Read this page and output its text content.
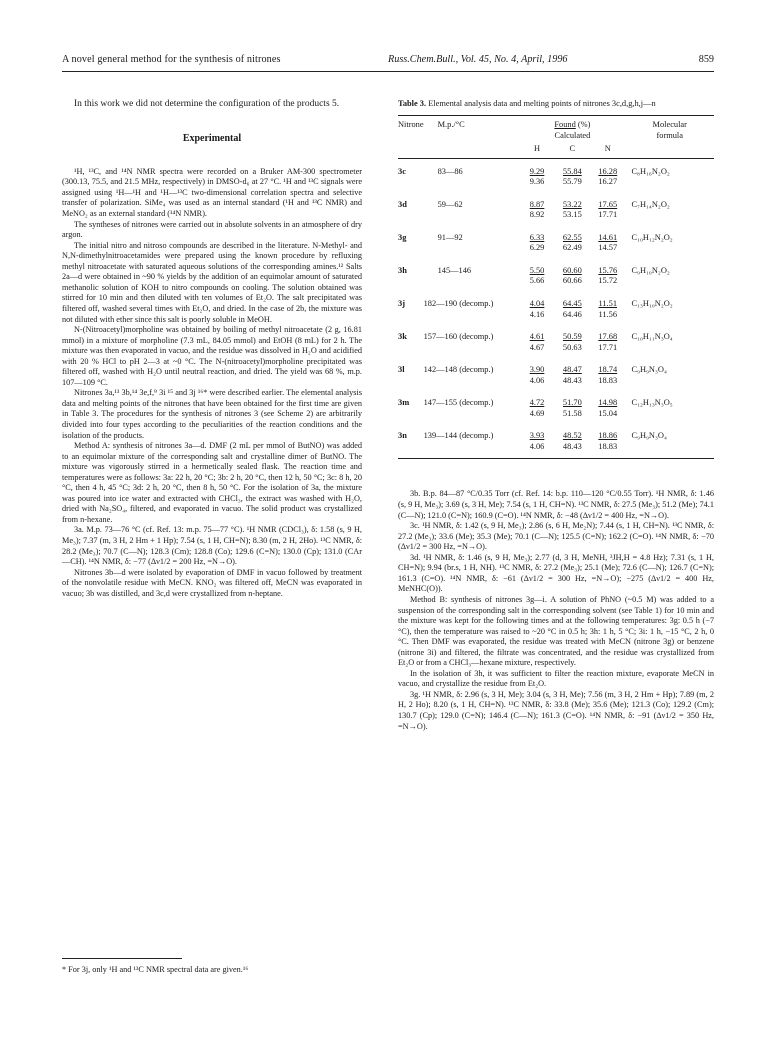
A novel general method for the synthesis of nitrones	Russ.Chem.Bull., Vol. 45, No. 4, April, 1996	859

In this work we did not determine the configuration of the products 5.

Experimental

¹H, ¹³C, and ¹⁴N NMR spectra were recorded on a Bruker AM-300 spectrometer (300.13, 75.5, and 21.5 MHz, respectively) in DMSO-d₆ at 27 °C. ¹H and ¹³C signals were assigned using ¹H—¹H and ¹H—¹³C two-dimensional correlation spectra and selective transfer of polarization. SiMe₄ was used as an internal standard (¹H and ¹³C NMR) and MeNO₂ as an external standard (¹⁴N NMR).

The syntheses of nitrones were carried out in absolute solvents in an atmosphere of dry argon.

The initial nitro and nitroso compounds are described in the literature. N-Methyl- and N,N-dimethylnitroacetamides were prepared using the known procedure by refluxing methyl nitroacetate with saturated aqueous solutions of the corresponding amines.¹² Salts 2a—d were obtained in ~90 % yields by the addition of an equimolar amount of saturated methanolic solution of KOH to nitro compounds on cooling. The solution obtained was stirred for 10 min and then diluted with ten volumes of Et₂O. The salt precipitated was filtered off, washed several times with Et₂O, and dried. In the case of 2b, the mixture was not diluted with ether since this salt is poorly soluble in MeOH.

N-(Nitroacetyl)morpholine was obtained by boiling of methyl nitroacetate (2 g, 16.81 mmol) in a mixture of morpholine (7.3 mL, 84.05 mmol) and EtOH (8 mL) for 2 h. The mixture was then evaporated in vacuo, and the residue was dissolved in H₂O and acidified with 20 % HCl to pH 2—3 at ~0 °C. The N-(nitroacetyl)morpholine precipitated was filtered off, washed with H₂O until neutral reaction, and dried. The yield was 68 %, m.p. 107—109 °C.

Nitrones 3a,¹³ 3b,¹⁴ 3e,f,⁹ 3i ¹⁵ and 3j ¹⁶* were described earlier. The elemental analysis data and melting points of the nitrones that have been obtained for the first time are given in Table 3. The procedures for the synthesis of nitrones 3 (see Scheme 2) are arbitrarily divided into four types according to the peculiarities of the reaction conditions and the isolation of the products.

Method A: synthesis of nitrones 3a—d. DMF (2 mL per mmol of ButNO) was added to an equimolar mixture of the corresponding salt and crystalline dimer of ButNO. The mixture was vigorously stirred in a hermetically sealed flask. The reaction time and temperatures were as follows: 3a: 22 h, 20 °C; 3b: 2 h, 20 °C, then 12 h, 50 °C; 3c: 8 h, 20 °C, then 4 h, 45 °C; 3d: 2 h, 20 °C, then 8 h, 50 °C. For the isolation of 3a, the mixture was poured into ice water and extracted with CHCl₃, the extract was washed with H₂O, dried with Na₂SO₄, filtered, and evaporated in vacuo. The solid product was crystallized from n-hexane.

3a. M.p. 73—76 °C (cf. Ref. 13: m.p. 75—77 °C). ¹H NMR (CDCl₃), δ: 1.58 (s, 9 H, Me₃); 7.37 (m, 3 H, 2 Hm + 1 Hp); 7.54 (s, 1 H, CH=N); 8.30 (m, 2 H, 2Ho). ¹³C NMR, δ: 28.2 (Me₃); 70.7 (C—N); 128.3 (Cm); 128.8 (Co); 129.6 (C=N); 130.0 (Cp); 131.0 (CAr—CH). ¹⁴N NMR, δ: −77 (Δν1/2 = 200 Hz, =N→O).

Nitrones 3b—d were isolated by evaporation of DMF in vacuo followed by treatment of the nonvolatile residue with MeCN. KNO₂ was filtered off, MeCN was evaporated in vacuo; 3b was distilled, and 3c,d were crystallized from n-heptane.

* For 3j, only ¹H and ¹³C NMR spectral data are given.¹⁶
Table 3. Elemental analysis data and melting points of nitrones 3c,d,g,h,j—n
Nitrone	M.p./°C	Found (%)
Calculated			Molecular
formula
		H	C	N	
3c	83—86	9.29	55.84	16.28	C₈H₁₆N₂O₂
		9.36	55.79	16.27	
3d	59—62	8.87	53.22	17.65	C₇H₁₄N₂O₂
		8.92	53.15	17.71	
3g	91—92	6.33	62.55	14.61	C₁₀H₁₂N₂O₂
		6.29	62.49	14.57	
3h	145—146	5.50	60.60	15.76	C₉H₁₀N₂O₂
		5.66	60.66	15.72	
3j	182—190 (decomp.)	4.04	64.45	11.51	C₁₃H₁₀N₂O₂
		4.16	64.46	11.56	
3k	157—160 (decomp.)	4.61	50.59	17.68	C₁₀H₁₁N₃O₄
		4.67	50.63	17.71	
3l	142—148 (decomp.)	3.90	48.47	18.74	C₉H₉N₃O₄
		4.06	48.43	18.83	
3m	147—155 (decomp.)	4.72	51.70	14.98	C₁₂H₁₃N₃O₅
		4.69	51.58	15.04	
3n	139—144 (decomp.)	3.93	48.52	18.86	C₉H₉N₃O₄
		4.06	48.43	18.83	

3b. B.p. 84—87 °C/0.35 Torr (cf. Ref. 14: b.p. 110—120 °C/0.55 Torr). ¹H NMR, δ: 1.46 (s, 9 H, Me₃); 3.69 (s, 3 H, Me); 7.54 (s, 1 H, CH=N). ¹³C NMR, δ: 27.5 (Me₃); 51.2 (Me); 74.1 (C—N); 121.0 (C=N); 160.9 (C=O). ¹⁴N NMR, δ: −48 (Δν1/2 = 400 Hz, =N→O).

3c. ¹H NMR, δ: 1.42 (s, 9 H, Me₃); 2.86 (s, 6 H, Me₂N); 7.44 (s, 1 H, CH=N). ¹³C NMR, δ: 27.2 (Me₃); 33.6 (Me); 35.3 (Me); 70.1 (C—N); 125.5 (C=N); 162.2 (C=O). ¹⁴N NMR, δ: −70 (Δν1/2 = 300 Hz, =N→O).

3d. ¹H NMR, δ: 1.46 (s, 9 H, Me₃); 2.77 (d, 3 H, MeNH, ³JH,H = 4.8 Hz); 7.31 (s, 1 H, CH=N); 9.94 (br.s, 1 H, NH). ¹³C NMR, δ: 27.2 (Me₃); 25.1 (Me); 72.6 (C—N); 126.7 (C=N); 161.3 (C=O). ¹⁴N NMR, δ: −61 (Δν1/2 = 300 Hz, =N→O); −275 (Δν1/2 = 400 Hz, MeNHC(O)).

Method B: synthesis of nitrones 3g—i. A solution of PhNO (~0.5 M) was added to a suspension of the corresponding salt in the corresponding solvent (see Table 1) for 10 min and the mixture was kept for the following times and at the following temperatures: 3g: 0.5 h (−7 °C), then the temperature was raised to ~20 °C in 0.5 h; 3h: 1 h, 5 °C; 3i: 1 h, −15 °C, 2 h, 0 °C. Then DMF was evaporated, the residue was treated with MeCN (nitrone 3g) or benzene (nitrone 3i) and filtered, the filtrate was concentrated, and the residue was crystallized from Et₂O or from a CHCl₃—hexane mixture, respectively.

In the isolation of 3h, it was sufficient to filter the reaction mixture, evaporate MeCN in vacuo, and crystallize the residue from Et₂O.

3g. ¹H NMR, δ: 2.96 (s, 3 H, Me); 3.04 (s, 3 H, Me); 7.56 (m, 3 H, 2 Hm + Hp); 7.89 (m, 2 H, 2 Ho); 8.20 (s, 1 H, CH=N). ¹³C NMR, δ: 33.8 (Me); 35.6 (Me); 121.3 (Co); 129.2 (Cm); 130.7 (Cp); 129.0 (C=N); 146.4 (C—N); 161.3 (C=O). ¹⁴N NMR, δ: −91 (Δν1/2 = 350 Hz, =N→O).
